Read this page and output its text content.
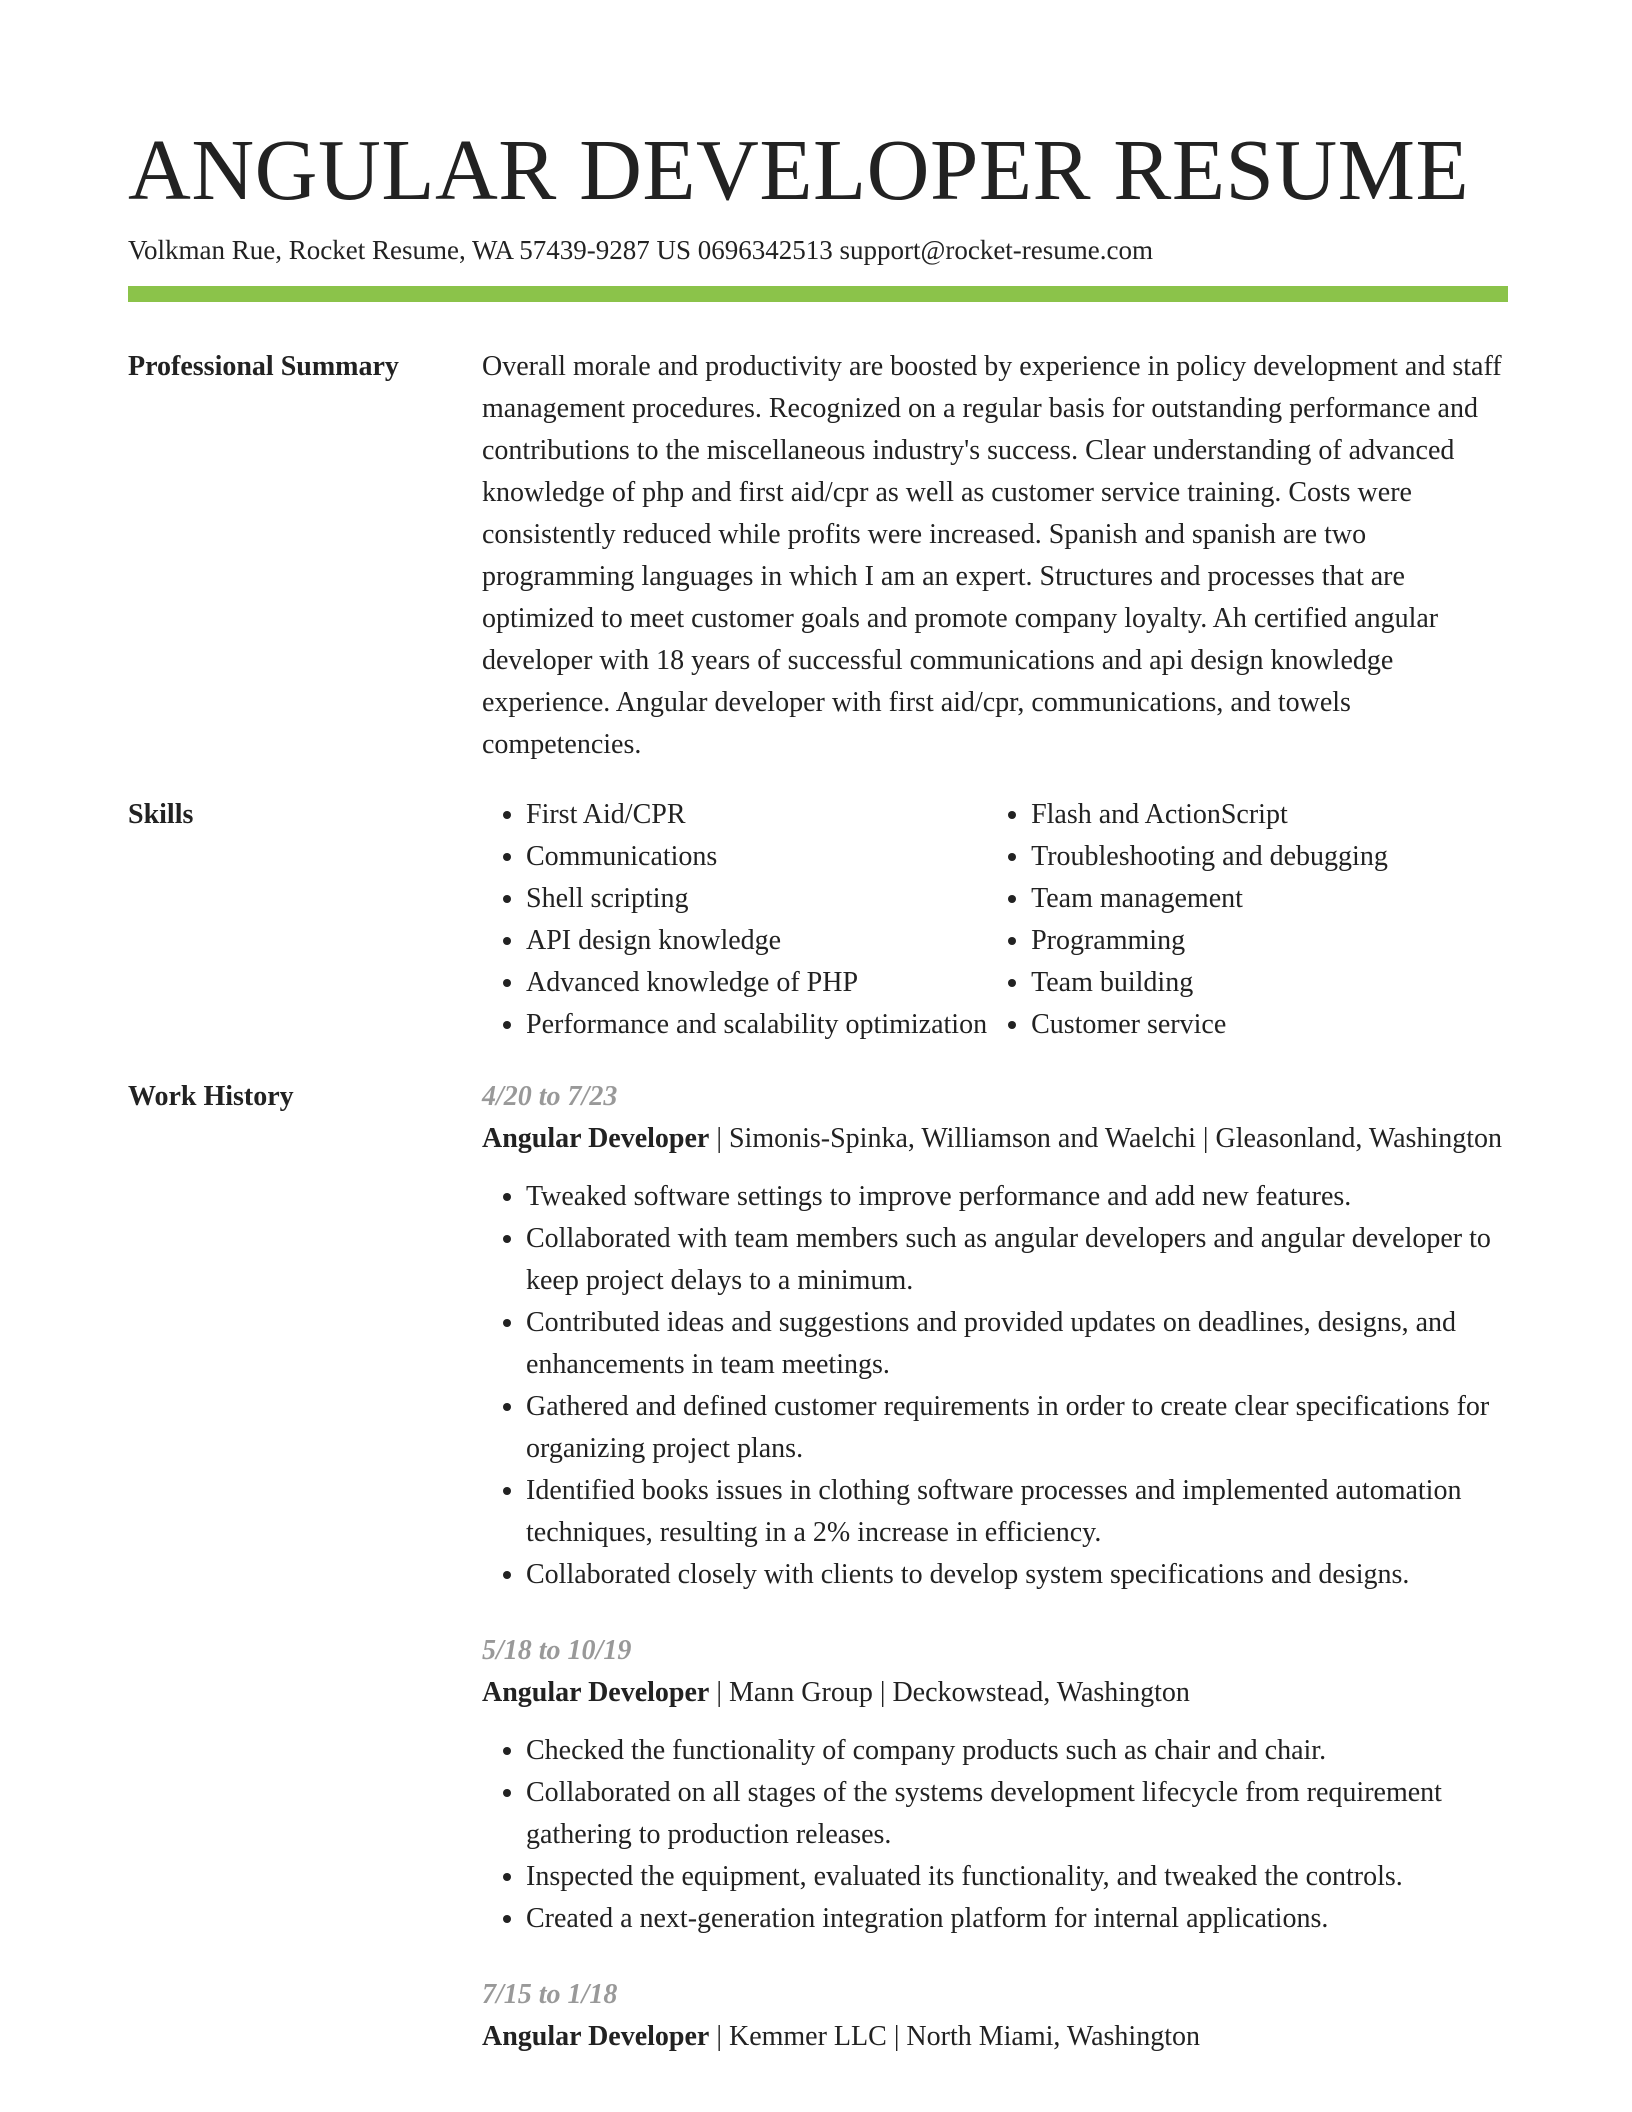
ANGULAR DEVELOPER RESUME
Volkman Rue, Rocket Resume, WA 57439-9287 US 0696342513 support@rocket-resume.com
Professional Summary	Overall morale and productivity are boosted by experience in policy development and staff management procedures. Recognized on a regular basis for outstanding performance and contributions to the miscellaneous industry's success. Clear understanding of advanced knowledge of php and first aid/cpr as well as customer service training. Costs were consistently reduced while profits were increased. Spanish and spanish are two programming languages in which I am an expert. Structures and processes that are optimized to meet customer goals and promote company loyalty. Ah certified angular developer with 18 years of successful communications and api design knowledge experience. Angular developer with first aid/cpr, communications, and towels competencies.

Skills
•	First Aid/CPR
• Communications
• Shell scripting
• API design knowledge
• Advanced knowledge of PHP
• Performance and scalability optimization
• Flash and ActionScript
• Troubleshooting and debugging
• Team management
• Programming
• Team building
• Customer service
Work History	4/20 to 7/23
Angular Developer | Simonis-Spinka, Williamson and Waelchi | Gleasonland, Washington
• Tweaked software settings to improve performance and add new features.
• Collaborated with team members such as angular developers and angular developer to keep project delays to a minimum.
• Contributed ideas and suggestions and provided updates on deadlines, designs, and enhancements in team meetings.
• Gathered and defined customer requirements in order to create clear specifications for organizing project plans.
• Identified books issues in clothing software processes and implemented automation techniques, resulting in a 2% increase in efficiency.
• Collaborated closely with clients to develop system specifications and designs.
5/18 to 10/19
Angular Developer | Mann Group | Deckowstead, Washington
• Checked the functionality of company products such as chair and chair.
• Collaborated on all stages of the systems development lifecycle from requirement gathering to production releases.
• Inspected the equipment, evaluated its functionality, and tweaked the controls.
• Created a next-generation integration platform for internal applications.
7/15 to 1/18
Angular Developer | Kemmer LLC | North Miami, Washington
